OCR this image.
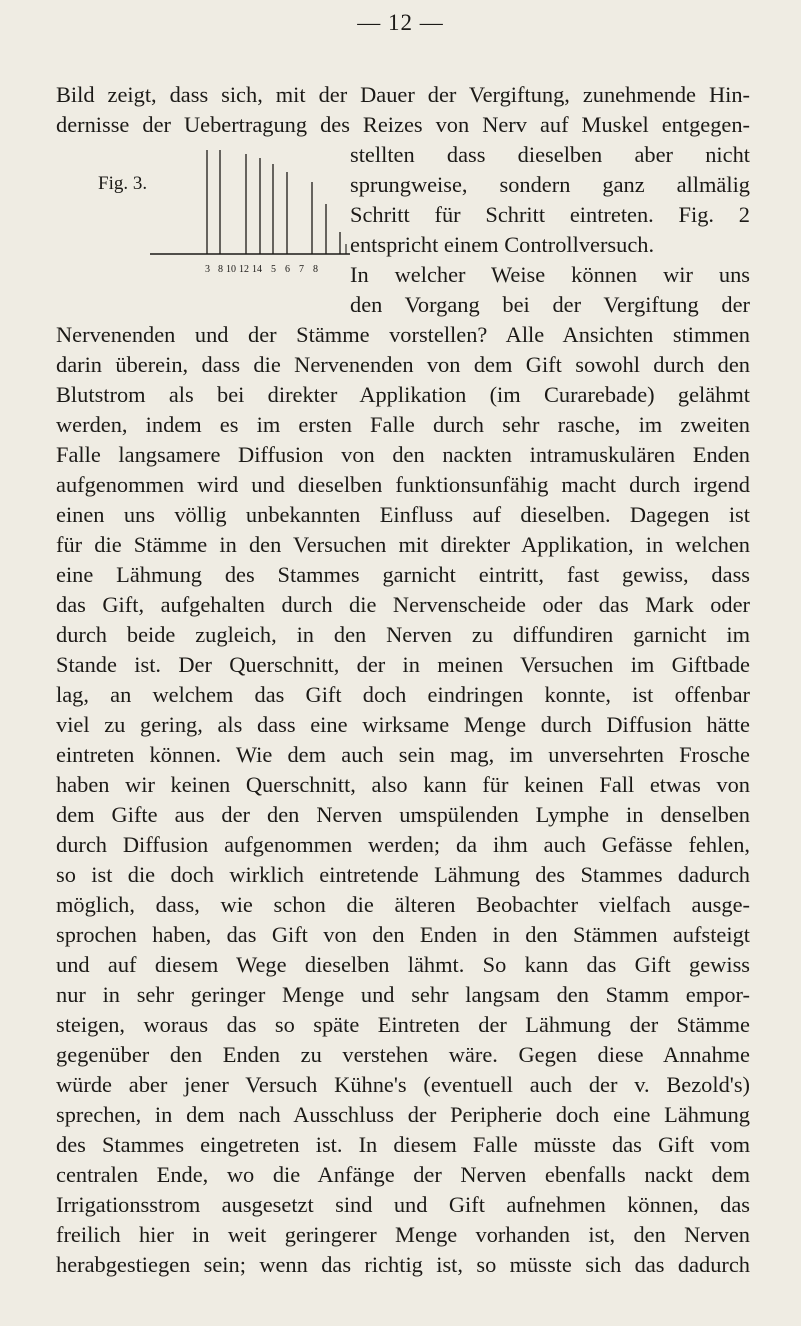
— 12 —
Fig. 3.
3 8 10 12 14 5 6 7 8
Bild zeigt, dass sich, mit der Dauer der Vergiftung, zunehmende Hin-
dernisse der Uebertragung des Reizes von Nerv auf Muskel entgegen-
stellten dass dieselben aber nicht
sprungweise, sondern ganz allmälig
Schritt für Schritt eintreten. Fig. 2
entspricht einem Controllversuch.
In welcher Weise können wir uns
den Vorgang bei der Vergiftung der
Nervenenden und der Stämme vorstellen? Alle Ansichten stimmen
darin überein, dass die Nervenenden von dem Gift sowohl durch den
Blutstrom als bei direkter Applikation (im Curarebade) gelähmt
werden, indem es im ersten Falle durch sehr rasche, im zweiten
Falle langsamere Diffusion von den nackten intramuskulären Enden
aufgenommen wird und dieselben funktionsunfähig macht durch irgend
einen uns völlig unbekannten Einfluss auf dieselben. Dagegen ist
für die Stämme in den Versuchen mit direkter Applikation, in welchen
eine Lähmung des Stammes garnicht eintritt, fast gewiss, dass
das Gift, aufgehalten durch die Nervenscheide oder das Mark oder
durch beide zugleich, in den Nerven zu diffundiren garnicht im
Stande ist. Der Querschnitt, der in meinen Versuchen im Giftbade
lag, an welchem das Gift doch eindringen konnte, ist offenbar
viel zu gering, als dass eine wirksame Menge durch Diffusion hätte
eintreten können. Wie dem auch sein mag, im unversehrten Frosche
haben wir keinen Querschnitt, also kann für keinen Fall etwas von
dem Gifte aus der den Nerven umspülenden Lymphe in denselben
durch Diffusion aufgenommen werden; da ihm auch Gefässe fehlen,
so ist die doch wirklich eintretende Lähmung des Stammes dadurch
möglich, dass, wie schon die älteren Beobachter vielfach ausge-
sprochen haben, das Gift von den Enden in den Stämmen aufsteigt
und auf diesem Wege dieselben lähmt. So kann das Gift gewiss
nur in sehr geringer Menge und sehr langsam den Stamm empor-
steigen, woraus das so späte Eintreten der Lähmung der Stämme
gegenüber den Enden zu verstehen wäre. Gegen diese Annahme
würde aber jener Versuch Kühne's (eventuell auch der v. Bezold's)
sprechen, in dem nach Ausschluss der Peripherie doch eine Lähmung
des Stammes eingetreten ist. In diesem Falle müsste das Gift vom
centralen Ende, wo die Anfänge der Nerven ebenfalls nackt dem
Irrigationsstrom ausgesetzt sind und Gift aufnehmen können, das
freilich hier in weit geringerer Menge vorhanden ist, den Nerven
herabgestiegen sein; wenn das richtig ist, so müsste sich das dadurch
